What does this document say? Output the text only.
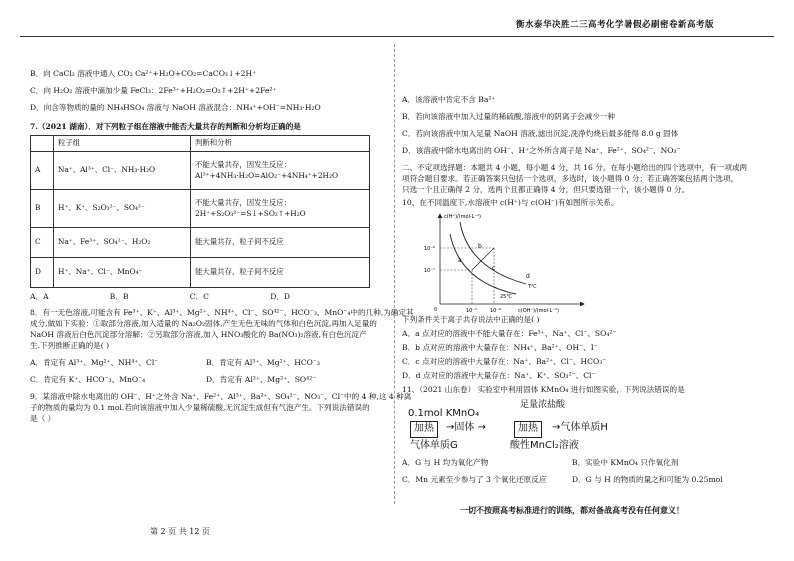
衡水泰华决胜二三高考化学暑假必刷密卷新高考版
B．向 CaCl₂ 溶液中通入 CO₂ Ca²⁺+H₂O+CO₂=CaCO₃↓+2H⁺
C．向 H₂O₂ 溶液中滴加少量 FeCl₃：2Fe³⁺+H₂O₂=O₂↑+2H⁺+2Fe²⁺
D．向含等物质的量的 NH₄HSO₄ 溶液与 NaOH 溶液混合：NH₄⁺+OH⁻=NH₃·H₂O
7.（2021 湖南）．对下列粒子组在溶液中能否大量共存的判断和分析均正确的是
	粒子组	判断和分析
A	Na⁺、Al³⁺、Cl⁻、NH₃·H₂O	不能大量共存，因发生反应：
Al³⁺+4NH₃·H₂O=AlO₂⁻+4NH₄⁺+2H₂O

B	H⁺、K⁺、S₂O₃²⁻、SO₄²⁻	不能大量共存，因发生反应：
2H⁺+S₂O₃²⁻=S↓+SO₂↑+H₂O

C	Na⁺、Fe³⁺、SO₄²⁻、H₂O₂	能大量共存，粒子间不反应
D	H⁺、Na⁺、Cl⁻、MnO₄⁻	能大量共存，粒子间不反应
A．A	B．B	C．C	D．D
8．有一无色溶液,可能含有 Fe³⁺、K⁺、Al³⁺、Mg²⁺、NH⁴⁺、Cl⁻、SO⁴²⁻、HCO⁻₃、MnO⁻₄中的几种,为确定其
成分,做如下实验：①取部分溶液,加入适量的 Na₂O₂固体,产生无色无味的气体和白色沉淀,再加入足量的
NaOH 溶液后白色沉淀部分溶解；②另取部分溶液,加入 HNO₃酸化的 Ba(NO₃)₂溶液,有白色沉淀产
生.下列推断正确的是( )
A．肯定有 Al³⁺、Mg²⁺、NH⁴⁺、Cl⁻	B．肯定有 Al³⁺、Mg²⁺、HCO⁻₃
C．肯定有 K⁺、HCO⁻₃、MnO⁻₄	D．肯定有 Al³⁺、Mg²⁺、SO⁴²⁻
9．某溶液中除水电离出的 OH⁻、H⁺之外含 Na⁺、Fe²⁺、Al³⁺、Ba²⁺、SO₄²⁻、NO₃⁻、Cl⁻中的 4 种,这 4 种离
子的物质的量均为 0.1 mol.若向该溶液中加入少量稀硫酸,无沉淀生成但有气泡产生。下列说法错误的
是（ ）
第 2 页 共 12 页
A．该溶液中肯定不含 Ba²⁺
B．若向该溶液中加入过量的稀硫酸,溶液中的阴离子会减少一种
C．若向该溶液中加入足量 NaOH 溶液,滤出沉淀,洗净灼烧后最多能得 8.0 g 固体
D．该溶液中除水电离出的 OH⁻、H⁺之外所含离子是 Na⁺、Fe²⁺、SO₄²⁻、NO₃⁻
二、不定项选择题：本题共 4 小题，每小题 4 分，共 16 分。在每小题给出的四个选项中，有一项或两
项符合题目要求。若正确答案只包括一个选项，多选时，该小题得 0 分；若正确答案包括两个选项，
只选一个且正确得 2 分，选两个且都正确得 4 分，但只要选错一个，该小题得 0 分。
10、在不同温度下,水溶液中 c(H⁺)与 c(OH⁻)有如图所示关系。
c(H⁺)/(mol·L⁻¹)
c(OH⁻)/(mol·L⁻¹)
10⁻⁶
10⁻⁷
10⁻⁷	10⁻⁶
0
a
b
c
d
T℃
25℃
下列条件关于离子共存说法中正确的是( )
A．a 点对应的溶液中不能大量存在：Fe³⁺、Na⁺、Cl⁻、SO₄²⁻
B．b 点对应的溶液中大量存在：NH₄⁺、Ba²⁺、OH⁻、I⁻
C．c 点对应的溶液中大量存在：Na⁺、Ba²⁺、Cl⁻、HCO₃⁻
D．d 点对应的溶液中大量存在：Na⁺、K⁺、SO₃²⁻、Cl⁻
11、（2021 山东卷） 实验室中利用固体 KMnO₄ 进行如图实验，下列说法错误的是
0.1mol KMnO₄
足量浓盐酸
加热	→固体 →	加热	→气体单质H
气体单质G	酸性MnCl₂溶液
A．G 与 H 均为氧化产物	B．实验中 KMnO₄ 只作氧化剂
C．Mn 元素至少参与了 3 个氧化还原反应	D．G 与 H 的物质的量之和可能为 0.25mol
一切不按照高考标准进行的训练，都对备战高考没有任何意义！
